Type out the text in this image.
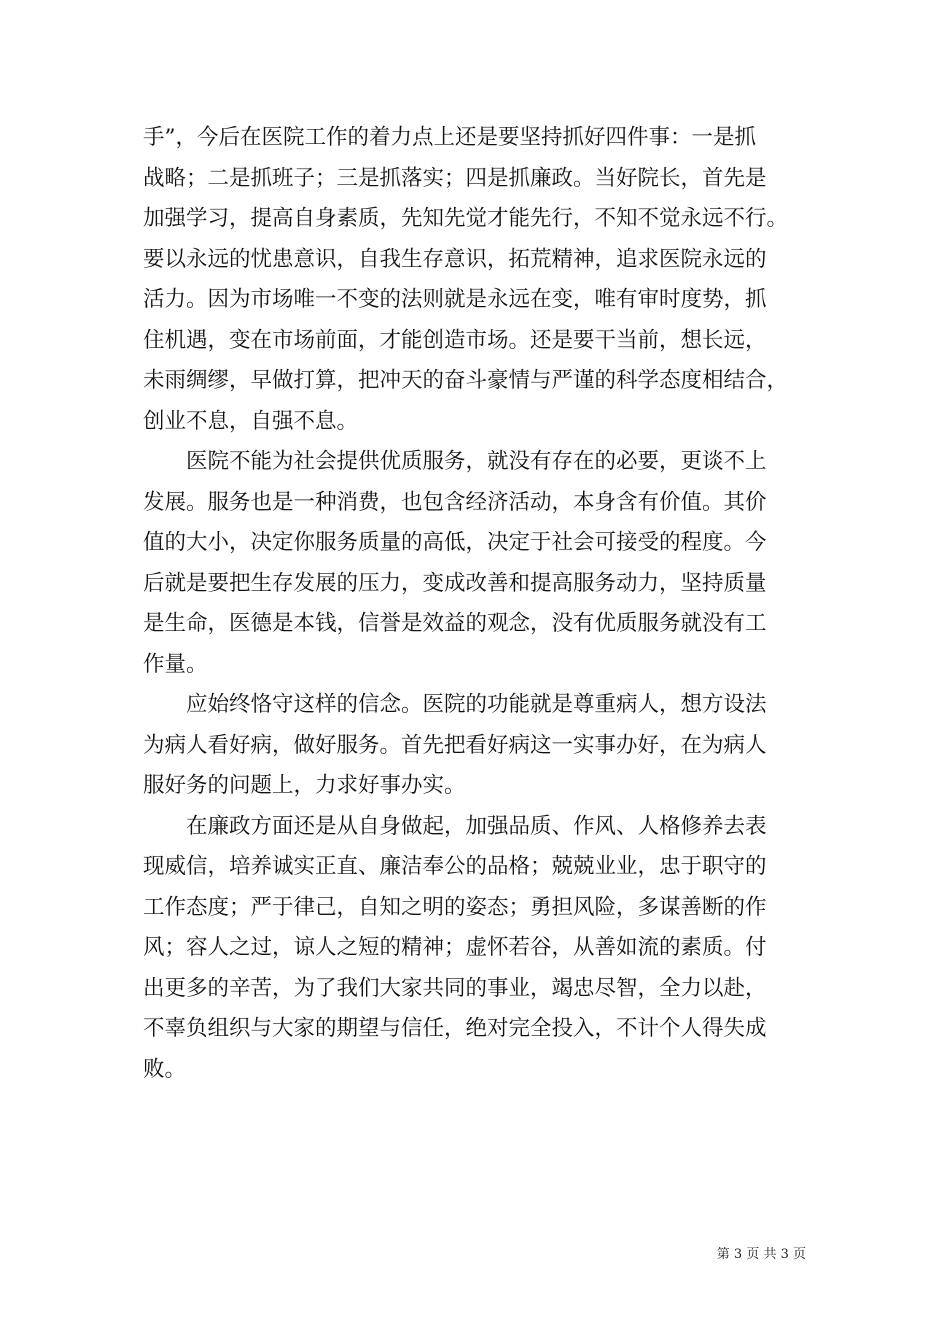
手”，今后在医院工作的着力点上还是要坚持抓好四件事：一是抓
战略；二是抓班子；三是抓落实；四是抓廉政。当好院长，首先是
加强学习，提高自身素质，先知先觉才能先行，不知不觉永远不行。
要以永远的忧患意识，自我生存意识，拓荒精神，追求医院永远的
活力。因为市场唯一不变的法则就是永远在变，唯有审时度势，抓
住机遇，变在市场前面，才能创造市场。还是要干当前，想长远，
未雨绸缪，早做打算，把冲天的奋斗豪情与严谨的科学态度相结合，
创业不息，自强不息。
　　医院不能为社会提供优质服务，就没有存在的必要，更谈不上
发展。服务也是一种消费，也包含经济活动，本身含有价值。其价
值的大小，决定你服务质量的高低，决定于社会可接受的程度。今
后就是要把生存发展的压力，变成改善和提高服务动力，坚持质量
是生命，医德是本钱，信誉是效益的观念，没有优质服务就没有工
作量。
　　应始终恪守这样的信念。医院的功能就是尊重病人，想方设法
为病人看好病，做好服务。首先把看好病这一实事办好，在为病人
服好务的问题上，力求好事办实。
　　在廉政方面还是从自身做起，加强品质、作风、人格修养去表
现威信，培养诚实正直、廉洁奉公的品格；兢兢业业，忠于职守的
工作态度；严于律己，自知之明的姿态；勇担风险，多谋善断的作
风；容人之过，谅人之短的精神；虚怀若谷，从善如流的素质。付
出更多的辛苦，为了我们大家共同的事业，竭忠尽智，全力以赴，
不辜负组织与大家的期望与信任，绝对完全投入，不计个人得失成
败。
第 3 页 共 3 页
